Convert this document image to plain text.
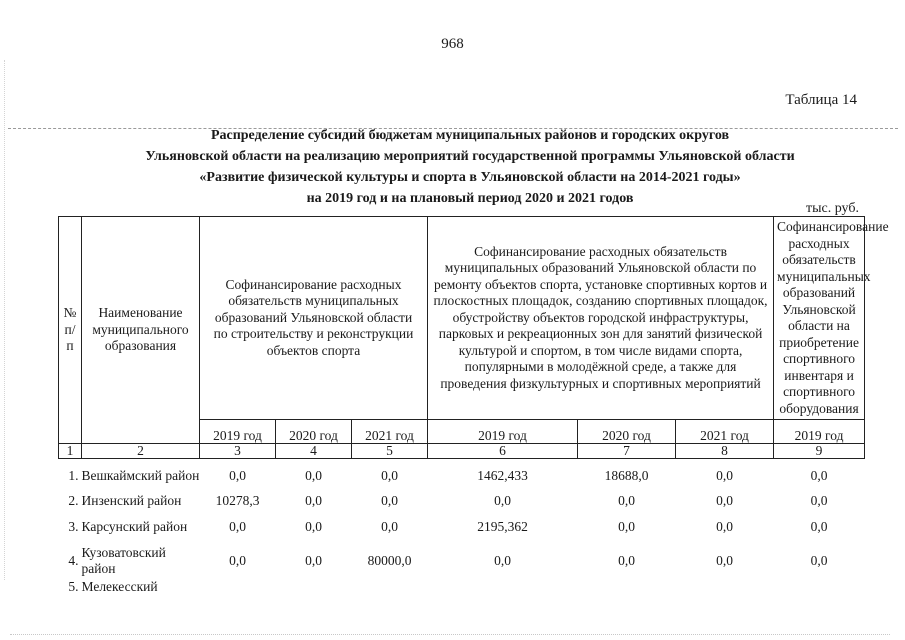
968
Таблица 14
Распределение субсидий бюджетам муниципальных районов и городских округов
Ульяновской области на реализацию мероприятий государственной программы Ульяновской области
«Развитие физической культуры и спорта в Ульяновской области на 2014-2021 годы»
на 2019 год и на плановый период 2020 и 2021 годов
тыс. руб.
№ п/п	Наименование муниципального образования	Софинансирование расходных обязательств муниципальных образований Ульяновской области по строительству и реконструкции объектов спорта			Софинансирование расходных обязательств муниципальных образований Ульяновской области по ремонту объектов спорта, установке спортивных кортов и плоскостных площадок, созданию спортивных площадок, обустройству объектов городской инфраструктуры, парковых и рекреационных зон для занятий физической культурой и спортом, в том числе видами спорта, популярными в молодёжной среде, а также для проведения физкультурных и спортивных мероприятий			Софинансирование расходных обязательств муниципальных образований Ульяновской области на приобретение спортивного инвентаря и спортивного оборудования
		2019 год	2020 год	2021 год	2019 год	2020 год	2021 год	2019 год
1	2	3	4	5	6	7	8	9
1.	Вешкаймский район	0,0	0,0	0,0	1462,433	18688,0	0,0	0,0
2.	Инзенский район	10278,3	0,0	0,0	0,0	0,0	0,0	0,0
3.	Карсунский район	0,0	0,0	0,0	2195,362	0,0	0,0	0,0
4.	Кузоватовский район	0,0	0,0	80000,0	0,0	0,0	0,0	0,0
5.	Мелекесский							
